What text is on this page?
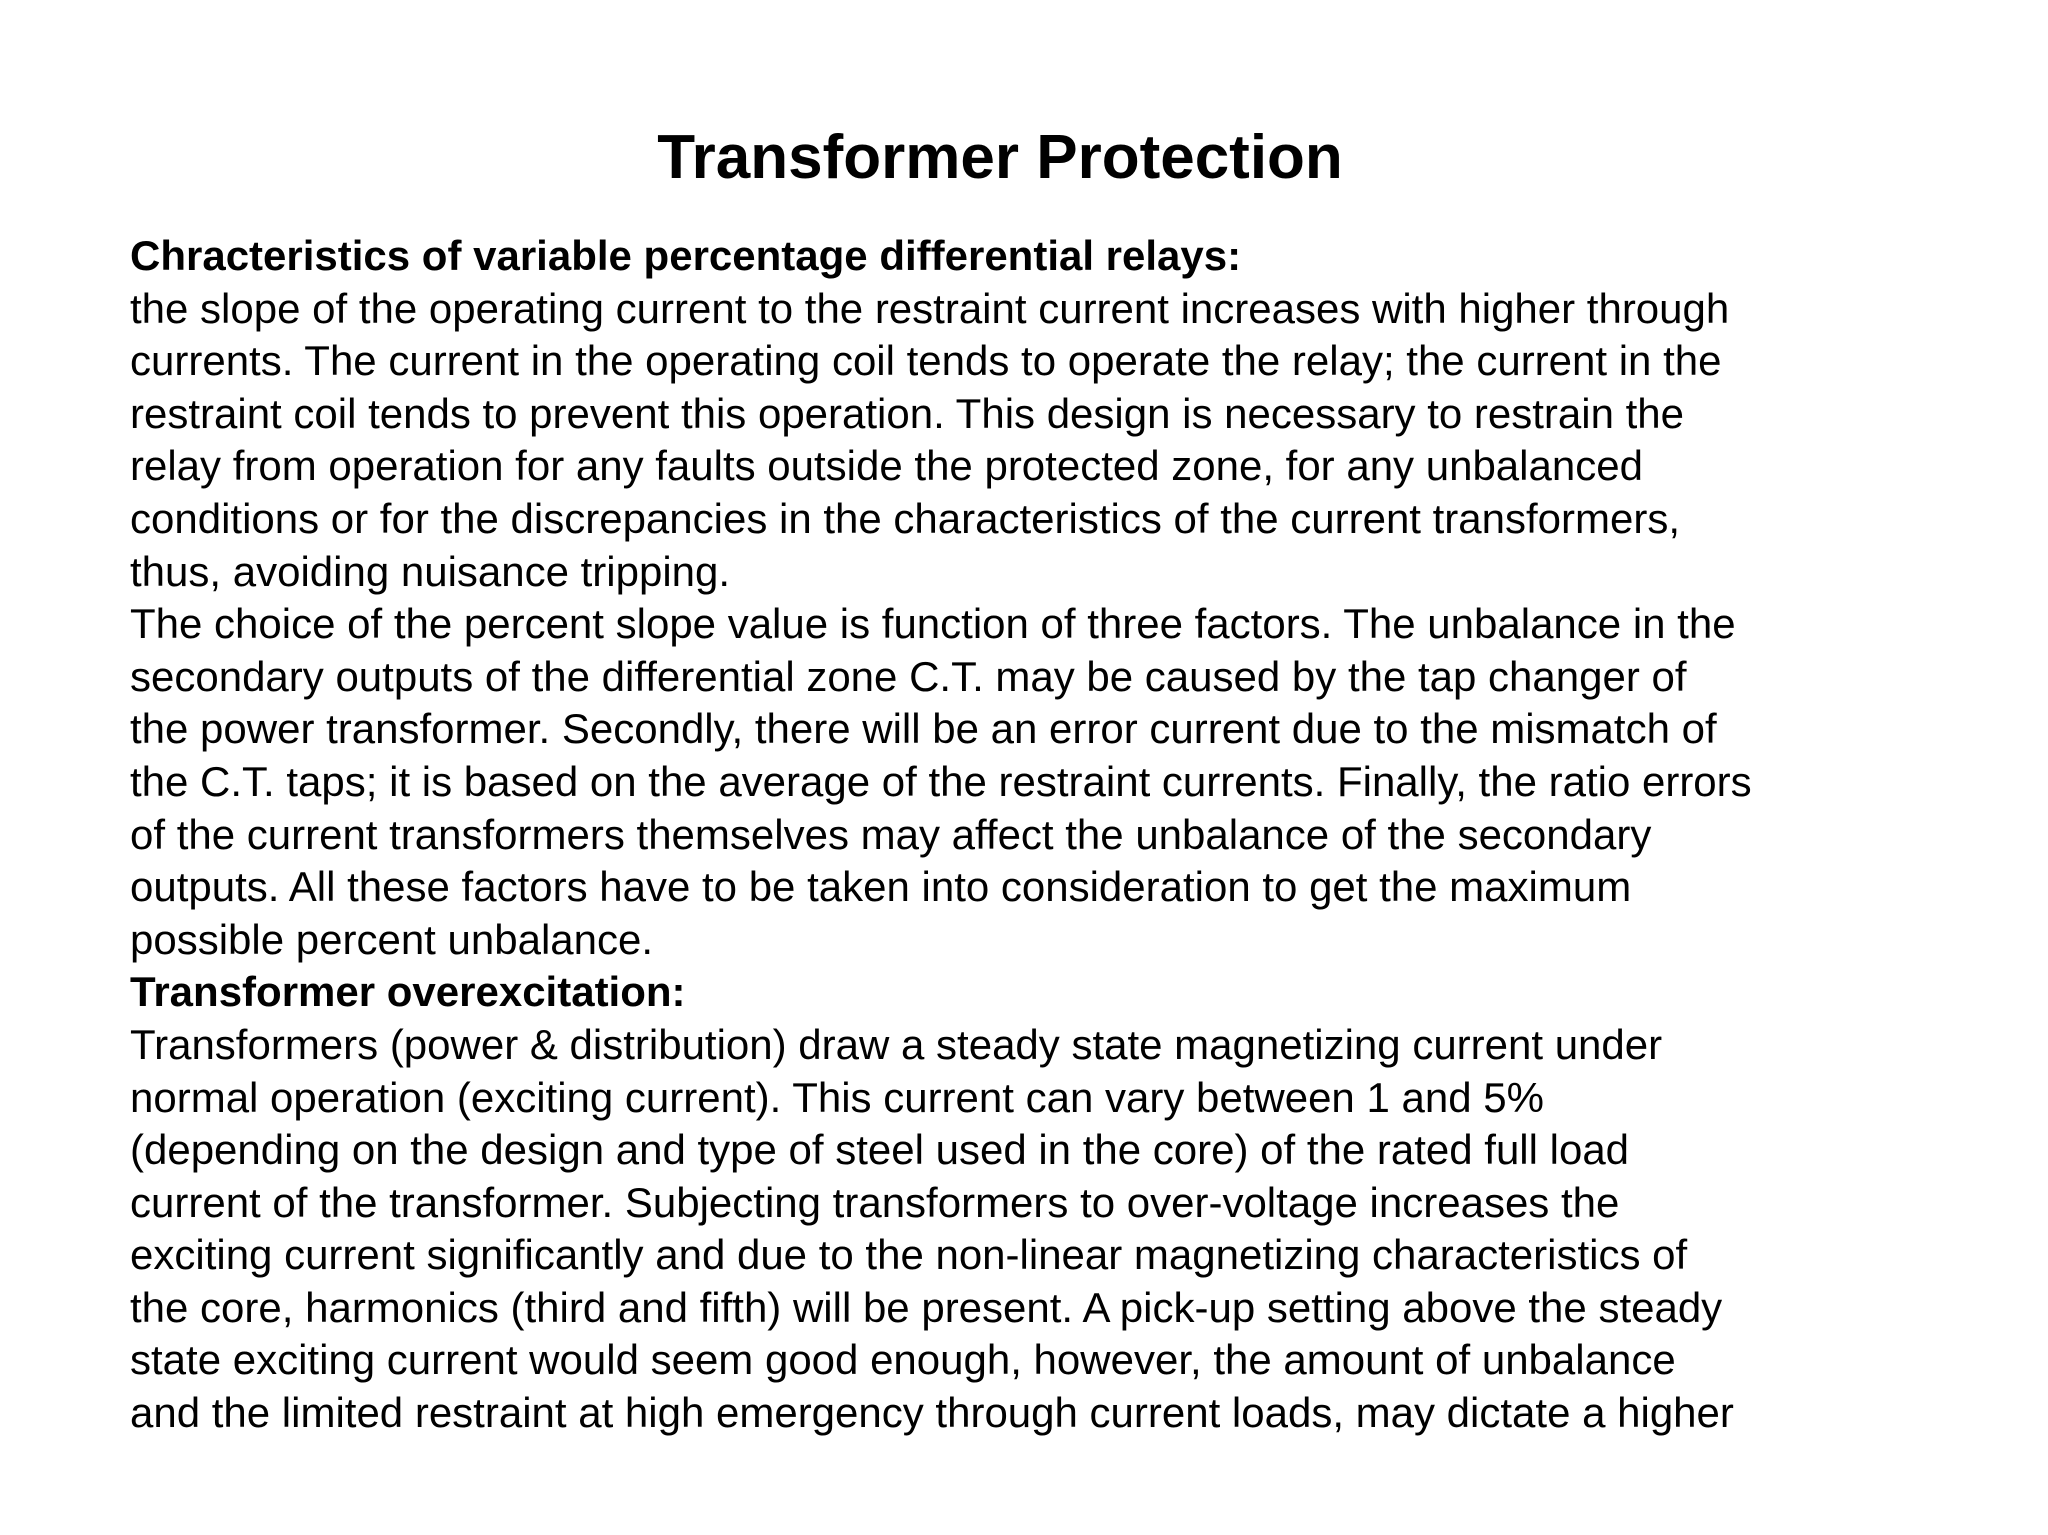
Transformer Protection
Chracteristics of variable percentage differential relays:
the slope of the operating current to the restraint current increases with higher through
currents. The current in the operating coil tends to operate the relay; the current in the
restraint coil tends to prevent this operation. This design is necessary to restrain the
relay from operation for any faults outside the protected zone, for any unbalanced
conditions or for the discrepancies in the characteristics of the current transformers,
thus, avoiding nuisance tripping.
The choice of the percent slope value is function of three factors. The unbalance in the
secondary outputs of the differential zone C.T. may be caused by the tap changer of
the power transformer. Secondly, there will be an error current due to the mismatch of
the C.T. taps; it is based on the average of the restraint currents. Finally, the ratio errors
of the current transformers themselves may affect the unbalance of the secondary
outputs. All these factors have to be taken into consideration to get the maximum
possible percent unbalance.
Transformer overexcitation:
Transformers (power & distribution) draw a steady state magnetizing current under
normal operation (exciting current). This current can vary between 1 and 5%
(depending on the design and type of steel used in the core) of the rated full load
current of the transformer. Subjecting transformers to over-voltage increases the
exciting current significantly and due to the non-linear magnetizing characteristics of
the core, harmonics (third and fifth) will be present. A pick-up setting above the steady
state exciting current would seem good enough, however, the amount of unbalance
and the limited restraint at high emergency through current loads, may dictate a higher
